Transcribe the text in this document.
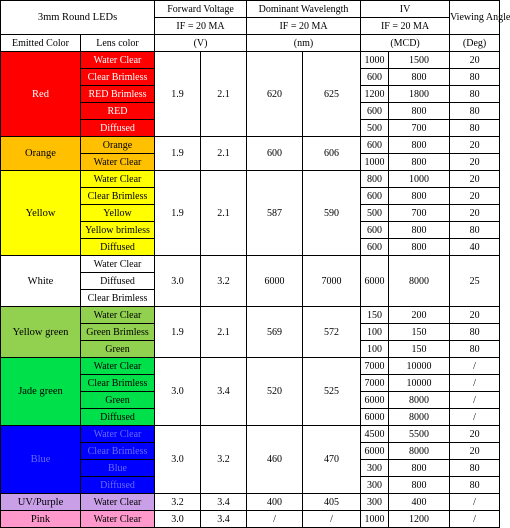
3mm Round LEDs		Forward Voltage		Dominant Wavelength		IV		Viewing Angle
		IF = 20 MA		IF = 20 MA		IF = 20 MA		
Emitted Color	Lens color	(V)		(nm)		(MCD)		(Deg)
Red	Water Clear	1.9	2.1	620	625	1000	1500	20
	Clear Brimless					600	800	80
	RED Brimless					1200	1800	80
	RED					600	800	80
	Diffused					500	700	80
Orange	Orange	1.9	2.1	600	606	600	800	20
	Water Clear					1000	800	20
Yellow	Water Clear	1.9	2.1	587	590	800	1000	20
	Clear Brimless					600	800	20
	Yellow					500	700	20
	Yellow brimless					600	800	80
	Diffused					600	800	40
White	Water Clear	3.0	3.2	6000	7000	6000	8000	25
	Diffused							
	Clear Brimless							
Yellow green	Water Clear	1.9	2.1	569	572	150	200	20
	Green Brimless					100	150	80
	Green					100	150	80
Jade green	Water Clear	3.0	3.4	520	525	7000	10000	/
	Clear Brimless					7000	10000	/
	Green					6000	8000	/
	Diffused					6000	8000	/
Blue	Water Clear	3.0	3.2	460	470	4500	5500	20
	Clear Brimless					6000	8000	20
	Blue					300	800	80
	Diffused					300	800	80
UV/Purple	Water Clear	3.2	3.4	400	405	300	400	/
Pink	Water Clear	3.0	3.4	/	/	1000	1200	/
